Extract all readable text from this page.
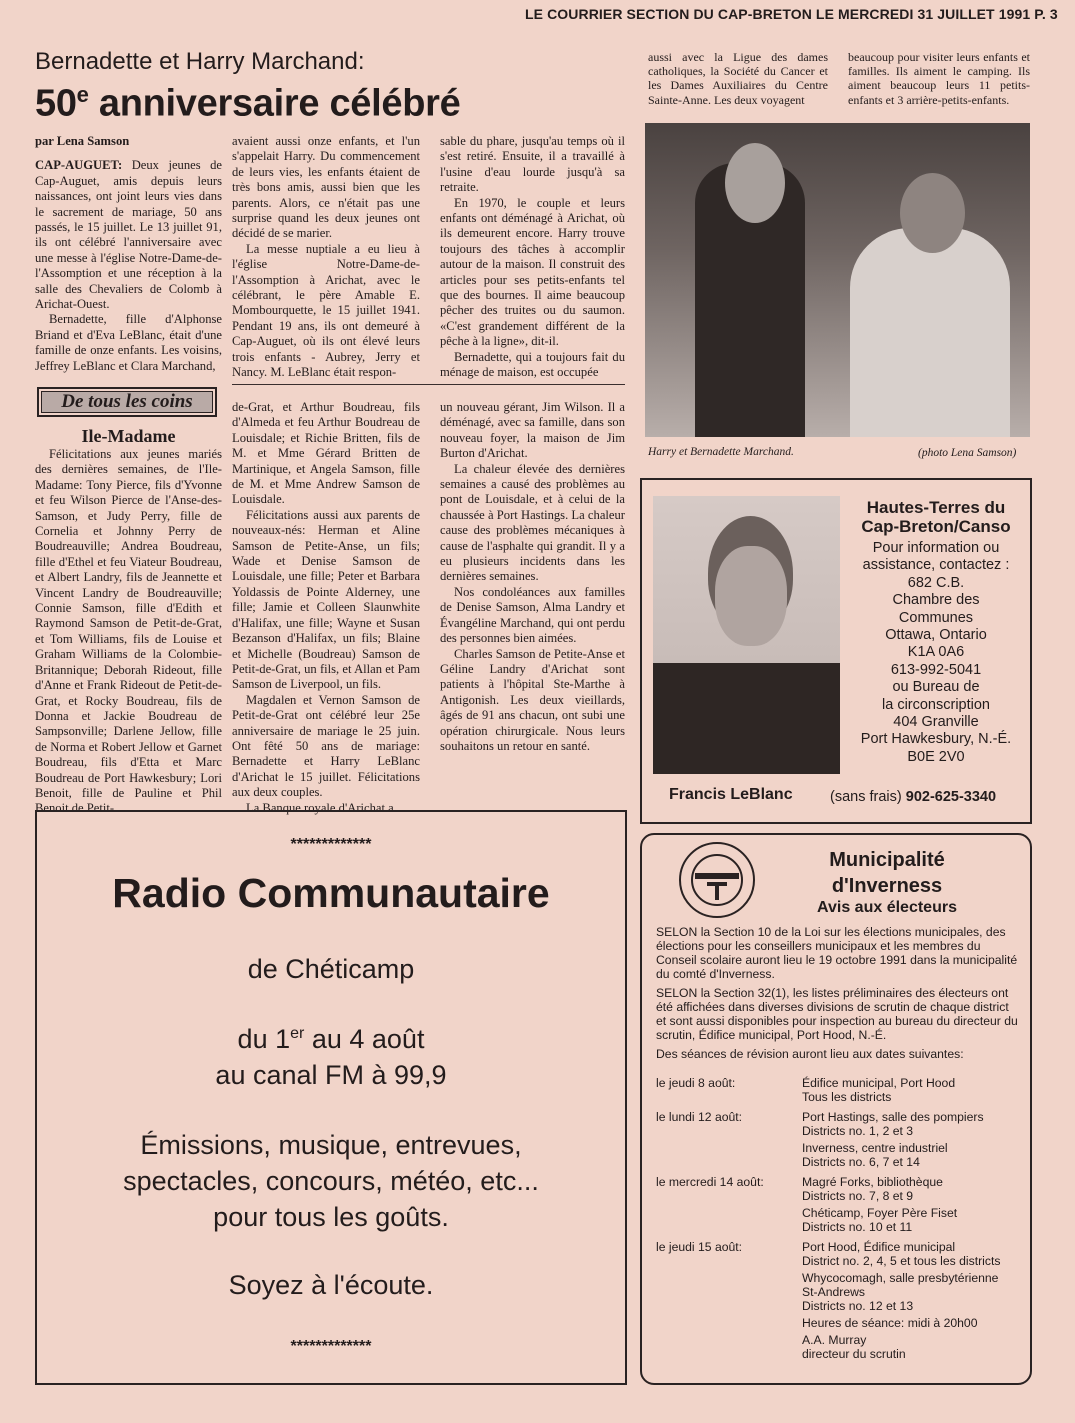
LE COURRIER SECTION DU CAP-BRETON LE MERCREDI 31 JUILLET 1991 P. 3
Bernadette et Harry Marchand:
50e anniversaire célébré

par Lena Samson

CAP-AUGUET: Deux jeunes de Cap-Auguet, amis depuis leurs naissances, ont joint leurs vies dans le sacrement de mariage, 50 ans passés, le 15 juillet. Le 13 juillet 91, ils ont célébré l'anniversaire avec une messe à l'église Notre-Dame-de-l'Assomption et une réception à la salle des Chevaliers de Colomb à Arichat-Ouest.

Bernadette, fille d'Alphonse Briand et d'Eva LeBlanc, était d'une famille de onze enfants. Les voisins, Jeffrey LeBlanc et Clara Marchand,

avaient aussi onze enfants, et l'un s'appelait Harry. Du commencement de leurs vies, les enfants étaient de très bons amis, aussi bien que les parents. Alors, ce n'était pas une surprise quand les deux jeunes ont décidé de se marier.

La messe nuptiale a eu lieu à l'église Notre-Dame-de-l'Assomption à Arichat, avec le célébrant, le père Amable E. Mombourquette, le 15 juillet 1941. Pendant 19 ans, ils ont demeuré à Cap-Auguet, où ils ont élevé leurs trois enfants - Aubrey, Jerry et Nancy. M. LeBlanc était respon-

sable du phare, jusqu'au temps où il s'est retiré. Ensuite, il a travaillé à l'usine d'eau lourde jusqu'à sa retraite.

En 1970, le couple et leurs enfants ont déménagé à Arichat, où ils demeurent encore. Harry trouve toujours des tâches à accomplir autour de la maison. Il construit des articles pour ses petits-enfants tel que des bournes. Il aime beaucoup pêcher des truites ou du saumon. «C'est grandement différent de la pêche à la ligne», dit-il.

Bernadette, qui a toujours fait du ménage de maison, est occupée

aussi avec la Ligue des dames catholiques, la Société du Cancer et les Dames Auxiliaires du Centre Sainte-Anne. Les deux voyagent

beaucoup pour visiter leurs enfants et familles. Ils aiment le camping. Ils aiment beaucoup leurs 11 petits-enfants et 3 arrière-petits-enfants.

Harry et Bernadette Marchand.	(photo Lena Samson)
De tous les coins
Ile-Madame

Félicitations aux jeunes mariés des dernières semaines, de l'Ile-Madame: Tony Pierce, fils d'Yvonne et feu Wilson Pierce de l'Anse-des-Samson, et Judy Perry, fille de Cornelia et Johnny Perry de Boudreauville; Andrea Boudreau, fille d'Ethel et feu Viateur Boudreau, et Albert Landry, fils de Jeannette et Vincent Landry de Boudreauville; Connie Samson, fille d'Edith et Raymond Samson de Petit-de-Grat, et Tom Williams, fils de Louise et Graham Williams de la Colombie-Britannique; Deborah Rideout, fille d'Anne et Frank Rideout de Petit-de-Grat, et Rocky Boudreau, fils de Donna et Jackie Boudreau de Sampsonville; Darlene Jellow, fille de Norma et Robert Jellow et Garnet Boudreau, fils d'Etta et Marc Boudreau de Port Hawkesbury; Lori Benoit, fille de Pauline et Phil Benoit de Petit-

de-Grat, et Arthur Boudreau, fils d'Almeda et feu Arthur Boudreau de Louisdale; et Richie Britten, fils de M. et Mme Gérard Britten de Martinique, et Angela Samson, fille de M. et Mme Andrew Samson de Louisdale.

Félicitations aussi aux parents de nouveaux-nés: Herman et Aline Samson de Petite-Anse, un fils; Wade et Denise Samson de Louisdale, une fille; Peter et Barbara Yoldassis de Pointe Alderney, une fille; Jamie et Colleen Slaunwhite d'Halifax, une fille; Wayne et Susan Bezanson d'Halifax, un fils; Blaine et Michelle (Boudreau) Samson de Petit-de-Grat, un fils, et Allan et Pam Samson de Liverpool, un fils.

Magdalen et Vernon Samson de Petit-de-Grat ont célébré leur 25e anniversaire de mariage le 25 juin. Ont fêté 50 ans de mariage: Bernadette et Harry LeBlanc d'Arichat le 15 juillet. Félicitations aux deux couples.

La Banque royale d'Arichat a

un nouveau gérant, Jim Wilson. Il a déménagé, avec sa famille, dans son nouveau foyer, la maison de Jim Burton d'Arichat.

La chaleur élevée des dernières semaines a causé des problèmes au pont de Louisdale, et à celui de la chaussée à Port Hastings. La chaleur cause des problèmes mécaniques à cause de l'asphalte qui grandit. Il y a eu plusieurs incidents dans les dernières semaines.

Nos condoléances aux familles de Denise Samson, Alma Landry et Évangéline Marchand, qui ont perdu des personnes bien aimées.

Charles Samson de Petite-Anse et Géline Landry d'Arichat sont patients à l'hôpital Ste-Marthe à Antigonish. Les deux vieillards, âgés de 91 ans chacun, ont subi une opération chirurgicale. Nous leurs souhaitons un retour en santé.

*************
Radio Communautaire
de Chéticamp
du 1er au 4 août
au canal FM à 99,9
Émissions, musique, entrevues,
spectacles, concours, météo, etc...
pour tous les goûts.
Soyez à l'écoute.
*************
Hautes-Terres du
Cap-Breton/Canso
Pour information ou
assistance, contactez :
682 C.B.
Chambre des
Communes
Ottawa, Ontario
K1A 0A6
613-992-5041
ou Bureau de
la circonscription
404 Granville
Port Hawkesbury, N.-É.
B0E 2V0
Francis LeBlanc	(sans frais) 902-625-3340
Municipalité
d'Inverness
Avis aux électeurs

SELON la Section 10 de la Loi sur les élections municipales, des élections pour les conseillers municipaux et les membres du Conseil scolaire auront lieu le 19 octobre 1991 dans la municipalité du comté d'Inverness.

SELON la Section 32(1), les listes préliminaires des électeurs ont été affichées dans diverses divisions de scrutin de chaque district et sont aussi disponibles pour inspection au bureau du directeur du scrutin, Édifice municipal, Port Hood, N.-É.

Des séances de révision auront lieu aux dates suivantes:

le jeudi 8 août:	Édifice municipal, Port Hood
Tous les districts
le lundi 12 août:	Port Hastings, salle des pompiers
Districts no. 1, 2 et 3
Inverness, centre industriel
Districts no. 6, 7 et 14
le mercredi 14 août:	Magré Forks, bibliothèque
Districts no. 7, 8 et 9
Chéticamp, Foyer Père Fiset
Districts no. 10 et 11
le jeudi 15 août:	Port Hood, Édifice municipal
District no. 2, 4, 5 et tous les districts
Whycocomagh, salle presbytérienne
St-Andrews
Districts no. 12 et 13
Heures de séance: midi à 20h00
A.A. Murray
directeur du scrutin
